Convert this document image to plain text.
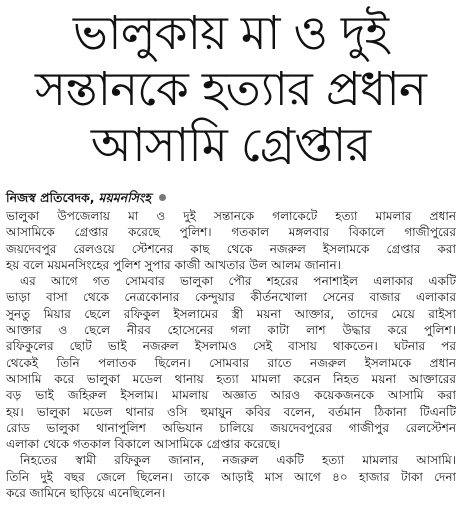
ভালুকায় মা ও দুই
সন্তানকে হত্যার প্রধান
আসামি গ্রেপ্তার
নিজস্ব প্রতিবেদক, ময়মনসিংহ
ভালুকা উপজেলায় মা ও দুই সন্তানকে গলাকেটে হত্যা মামলার প্রধান
আসামিকে গ্রেপ্তার করেছে পুলিশ। গতকাল মঙ্গলবার বিকালে গাজীপুরের
জয়দেবপুর রেলওয়ে স্টেশনের কাছ থেকে নজরুল ইসলামকে গ্রেপ্তার করা
হয় বলে ময়মনসিংহের পুলিশ সুপার কাজী আখতার উল আলম জানান।
এর আগে গত সোমবার ভালুকা পৌর শহরের পনাশাইল এলাকার একটি
ভাড়া বাসা থেকে নেত্রকোনার কেন্দুয়ার কীর্তনখোলা সেনের বাজার এলাকার
সুনতু মিয়ার ছেলে রফিকুল ইসলামের স্ত্রী ময়না আক্তার, তাদের মেয়ে রাইসা
আক্তার ও ছেলে নীরব হোসেনের গলা কাটা লাশ উদ্ধার করে পুলিশ।
রফিকুলের ছোট ভাই নজরুল ইসলামও সেই বাসায় থাকতেন। ঘটনার পর
থেকেই তিনি পলাতক ছিলেন। সোমবার রাতে নজরুল ইসলামকে প্রধান
আসামি করে ভালুকা মডেল থানায় হত্যা মামলা করেন নিহত ময়না আক্তারের
বড় ভাই জহিরুল ইসলাম। মামলায় অজ্ঞাত আরও কয়েকজনকে আসামি করা
হয়। ভালুকা মডেল থানার ওসি হুমায়ুন কবির বলেন, বর্তমান ঠিকানা টিএনটি
রোড ভালুকা থানাপুলিশ অভিযান চালিয়ে জয়দেবপুরের গাজীপুর রেলস্টেশন
এলাকা থেকে গতকাল বিকালে আসামিকে গ্রেপ্তার করেছে।
নিহতের স্বামী রফিকুল জানান, নজরুল একটি হত্যা মামলার আসামি।
তিনি দুই বছর জেলে ছিলেন। তাকে আড়াই মাস আগে ৪০ হাজার টাকা দেনা
করে জামিনে ছাড়িয়ে এনেছিলেন।
